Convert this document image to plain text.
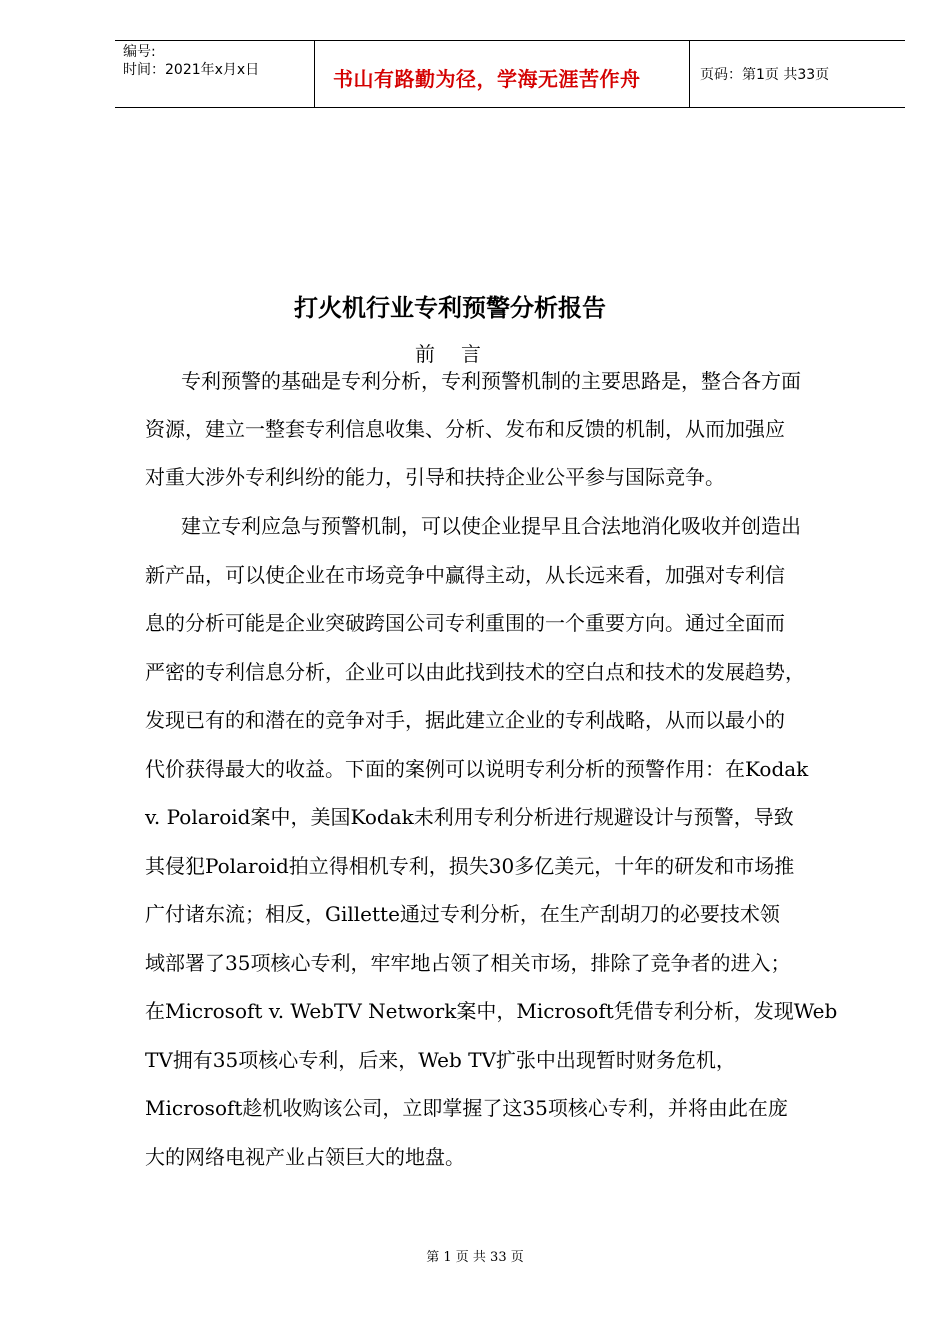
编号:
时间：2021年x月x日	书山有路勤为径，学海无涯苦作舟	页码：第1页 共33页
打火机行业专利预警分析报告
前言
专利预警的基础是专利分析，专利预警机制的主要思路是，整合各方面
资源，建立一整套专利信息收集、分析、发布和反馈的机制，从而加强应
对重大涉外专利纠纷的能力，引导和扶持企业公平参与国际竞争。
建立专利应急与预警机制，可以使企业提早且合法地消化吸收并创造出
新产品，可以使企业在市场竞争中赢得主动，从长远来看，加强对专利信
息的分析可能是企业突破跨国公司专利重围的一个重要方向。通过全面而
严密的专利信息分析，企业可以由此找到技术的空白点和技术的发展趋势，
发现已有的和潜在的竞争对手，据此建立企业的专利战略，从而以最小的
代价获得最大的收益。下面的案例可以说明专利分析的预警作用：在Kodak
v. Polaroid案中，美国Kodak未利用专利分析进行规避设计与预警，导致
其侵犯Polaroid拍立得相机专利，损失30多亿美元，十年的研发和市场推
广付诸东流；相反，Gillette通过专利分析，在生产刮胡刀的必要技术领
域部署了35项核心专利，牢牢地占领了相关市场，排除了竞争者的进入；
在Microsoft v. WebTV Network案中，Microsoft凭借专利分析，发现Web
TV拥有35项核心专利，后来，Web TV扩张中出现暂时财务危机，
Microsoft趁机收购该公司，立即掌握了这35项核心专利，并将由此在庞
大的网络电视产业占领巨大的地盘。
第 1 页 共 33 页
